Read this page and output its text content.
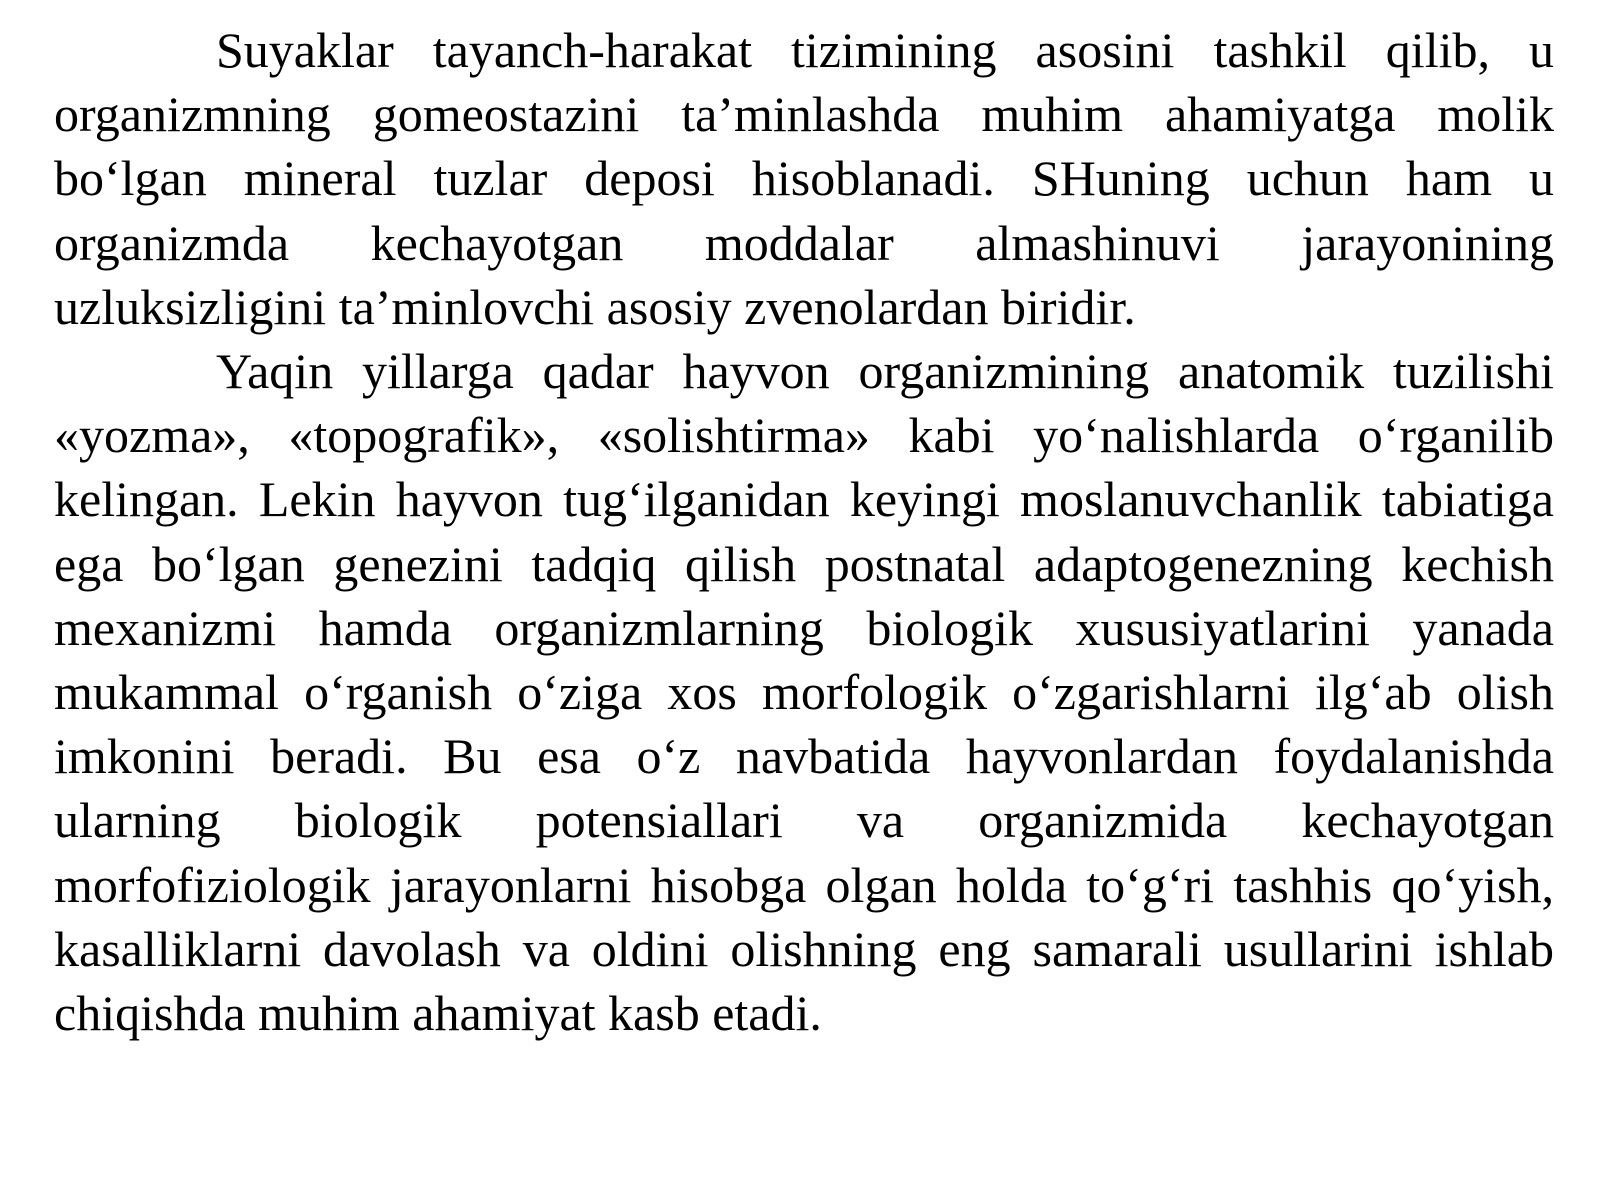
Suyaklar tayanch-harakat tizimining asosini tashkil qilib, u organizmning gomeostazini ta’minlashda muhim ahamiyatga molik bo‘lgan mineral tuzlar deposi hisoblanadi. SHuning uchun ham u organizmda kechayotgan moddalar almashinuvi jarayonining uzluksizligini ta’minlovchi asosiy zvenolardan biridir.

Yaqin yillarga qadar hayvon organizmining anatomik tuzilishi «yozma», «topografik», «solishtirma» kabi yo‘nalishlarda o‘rganilib kelingan. Lekin hayvon tug‘ilganidan keyingi moslanuvchanlik tabiatiga ega bo‘lgan genezini tadqiq qilish postnatal adaptogenezning kechish mexanizmi hamda organizmlarning biologik xususiyatlarini yanada mukammal o‘rganish o‘ziga xos morfologik o‘zgarishlarni ilg‘ab olish imkonini beradi. Bu esa o‘z navbatida hayvonlardan foydalanishda ularning biologik potensiallari va organizmida kechayotgan morfofiziologik jarayonlarni hisobga olgan holda to‘g‘ri tashhis qo‘yish, kasalliklarni davolash va oldini olishning eng samarali usullarini ishlab chiqishda muhim ahamiyat kasb etadi.
